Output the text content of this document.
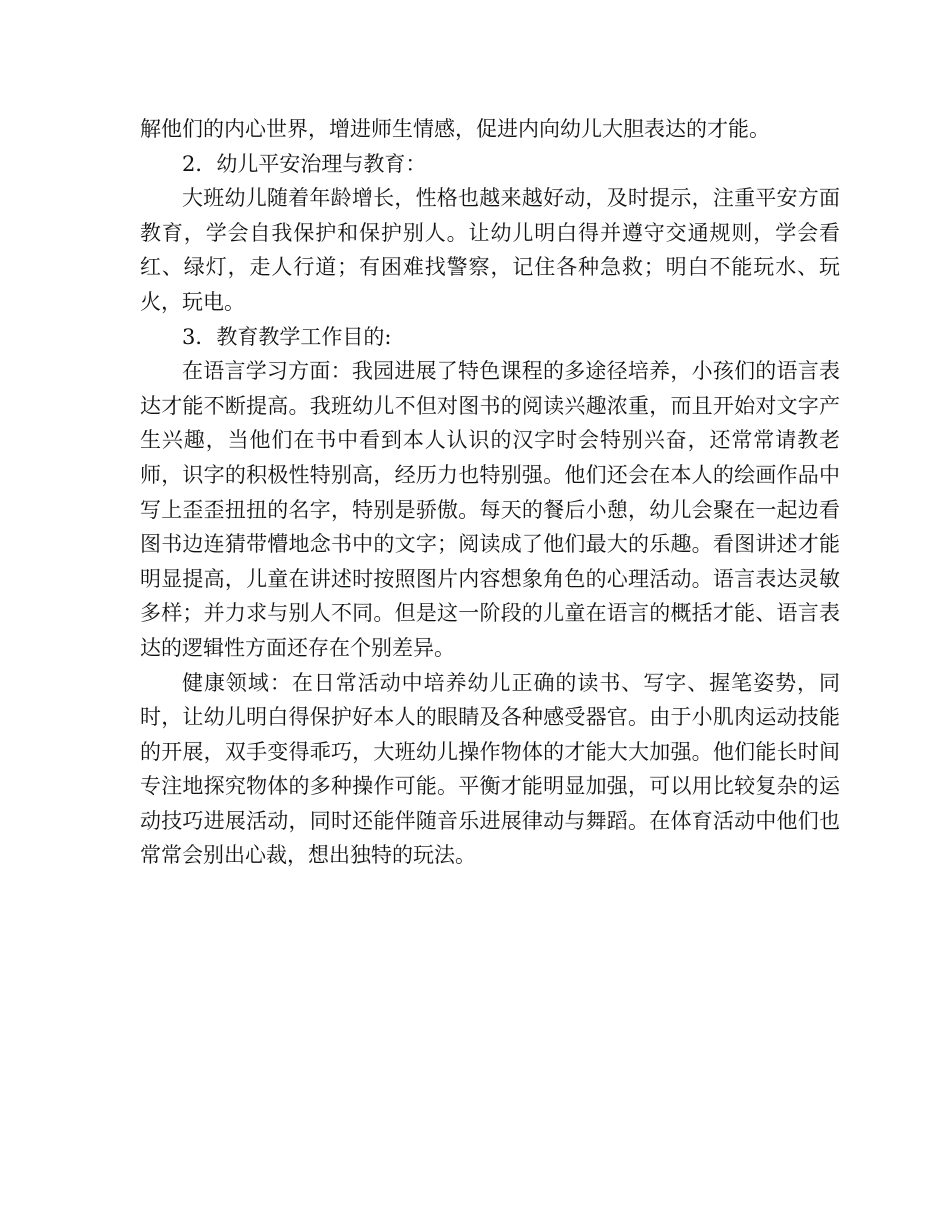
解他们的内心世界，增进师生情感，促进内向幼儿大胆表达的才能。

2．幼儿平安治理与教育：

大班幼儿随着年龄增长，性格也越来越好动，及时提示，注重平安方面教育，学会自我保护和保护别人。让幼儿明白得并遵守交通规则，学会看红、绿灯，走人行道；有困难找警察，记住各种急救；明白不能玩水、玩火，玩电。

3．教育教学工作目的:

在语言学习方面：我园进展了特色课程的多途径培养，小孩们的语言表达才能不断提高。我班幼儿不但对图书的阅读兴趣浓重，而且开始对文字产生兴趣，当他们在书中看到本人认识的汉字时会特别兴奋，还常常请教老师，识字的积极性特别高，经历力也特别强。他们还会在本人的绘画作品中写上歪歪扭扭的名字，特别是骄傲。每天的餐后小憩，幼儿会聚在一起边看图书边连猜带懵地念书中的文字；阅读成了他们最大的乐趣。看图讲述才能明显提高，儿童在讲述时按照图片内容想象角色的心理活动。语言表达灵敏多样；并力求与别人不同。但是这一阶段的儿童在语言的概括才能、语言表达的逻辑性方面还存在个别差异。

健康领域：在日常活动中培养幼儿正确的读书、写字、握笔姿势，同时，让幼儿明白得保护好本人的眼睛及各种感受器官。由于小肌肉运动技能的开展，双手变得乖巧，大班幼儿操作物体的才能大大加强。他们能长时间专注地探究物体的多种操作可能。平衡才能明显加强，可以用比较复杂的运动技巧进展活动，同时还能伴随音乐进展律动与舞蹈。在体育活动中他们也常常会别出心裁，想出独特的玩法。
